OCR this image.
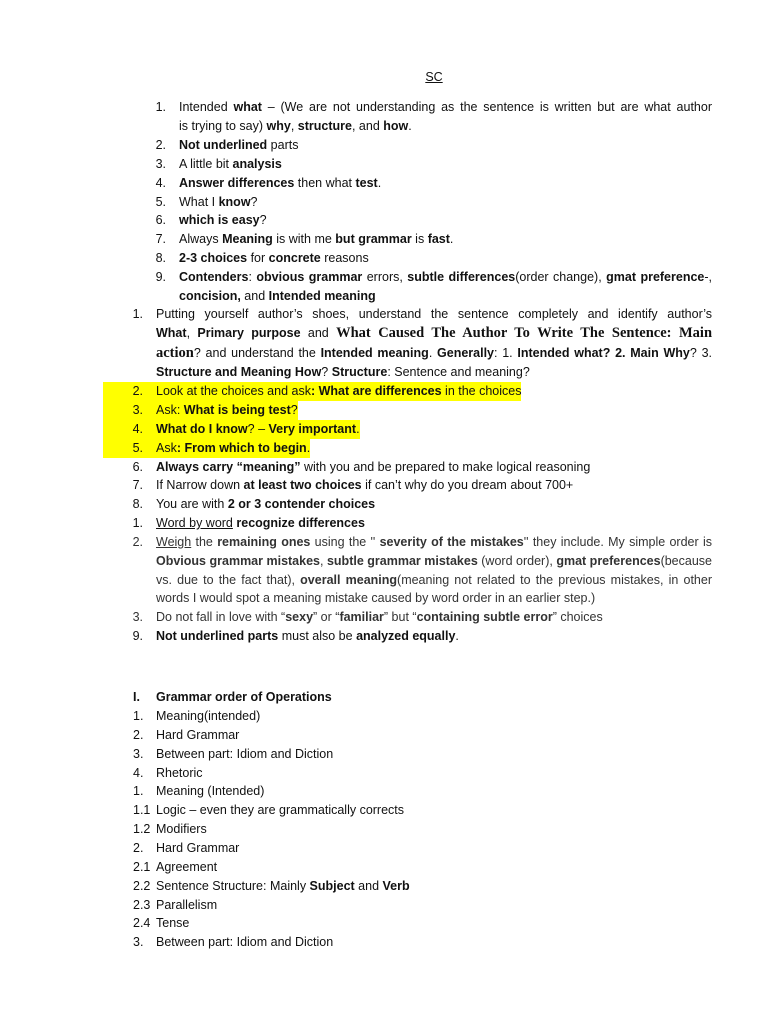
SC
1. Intended what – (We are not understanding as the sentence is written but are what author
is trying to say) why, structure, and how.
2. Not underlined parts
3. A little bit analysis
4. Answer differences then what test.
5. What I know?
6. which is easy?
7. Always Meaning is with me but grammar is fast.
8. 2-3 choices for concrete reasons
9. Contenders: obvious grammar errors, subtle differences(order change), gmat preference-,
concision, and Intended meaning
1. Putting yourself author’s shoes, understand the sentence completely and identify author’s
What, Primary purpose and What Caused The Author To Write The Sentence: Main
action? and understand the Intended meaning. Generally: 1. Intended what? 2. Main Why? 3.
Structure and Meaning How? Structure: Sentence and meaning?
2.	Look at the choices and ask: What are differences in the choices
3.	Ask: What is being test?
4.	What do I know? – Very important.
5.	Ask: From which to begin.
6. Always carry “meaning” with you and be prepared to make logical reasoning
7. If Narrow down at least two choices if can’t why do you dream about 700+
8. You are with 2 or 3 contender choices
1. Word by word recognize differences
2. Weigh the remaining ones using the '' severity of the mistakes'' they include. My simple order is
Obvious grammar mistakes, subtle grammar mistakes (word order), gmat preferences(because
vs. due to the fact that), overall meaning(meaning not related to the previous mistakes, in other
words I would spot a meaning mistake caused by word order in an earlier step.)
3. Do not fall in love with “sexy” or “familiar” but “containing subtle error” choices
9. Not underlined parts must also be analyzed equally.
I.	Grammar order of Operations
1. Meaning(intended)
2. Hard Grammar
3. Between part: Idiom and Diction
4. Rhetoric
1. Meaning (Intended)
1.1 Logic – even they are grammatically corrects
1.2 Modifiers
2. Hard Grammar
2.1 Agreement
2.2 Sentence Structure: Mainly Subject and Verb
2.3 Parallelism
2.4 Tense
3. Between part: Idiom and Diction
